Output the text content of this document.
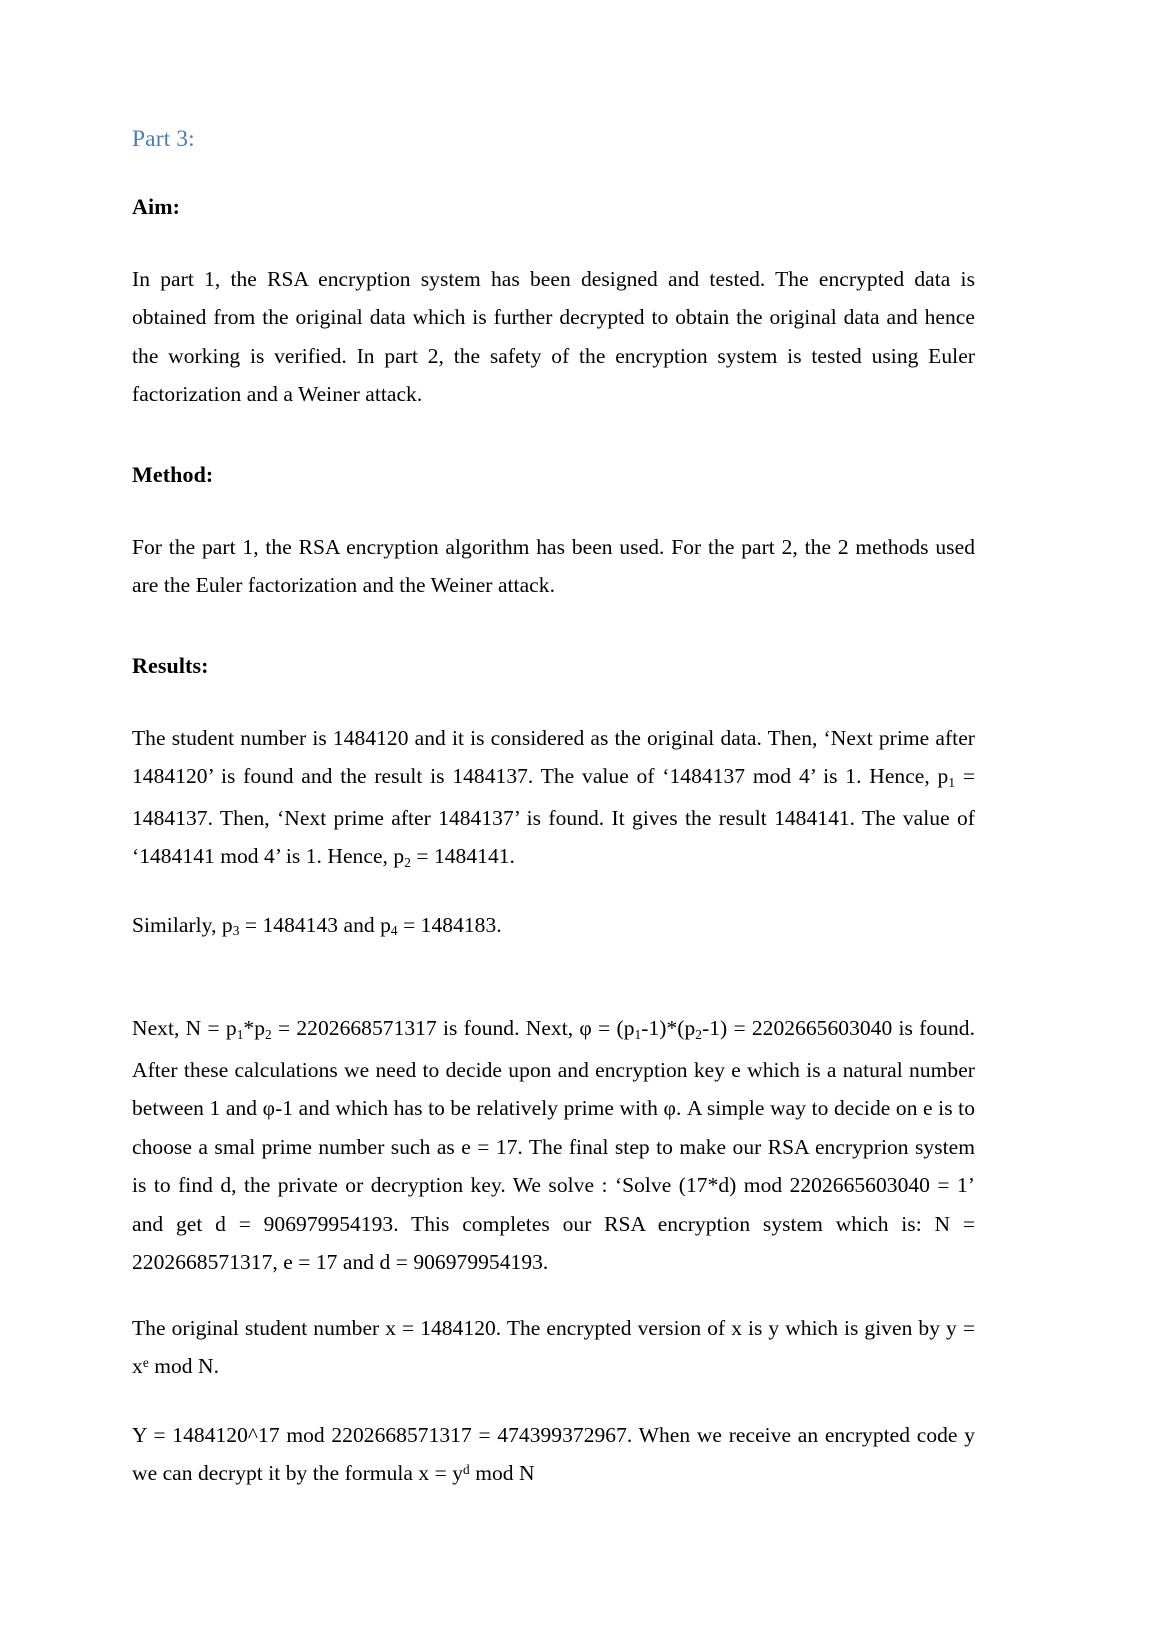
Part 3:
Aim:

In part 1, the RSA encryption system has been designed and tested. The encrypted data is obtained from the original data which is further decrypted to obtain the original data and hence the working is verified. In part 2, the safety of the encryption system is tested using Euler factorization and a Weiner attack.

Method:

For the part 1, the RSA encryption algorithm has been used. For the part 2, the 2 methods used are the Euler factorization and the Weiner attack.

Results:

The student number is 1484120 and it is considered as the original data. Then, ‘Next prime after 1484120’ is found and the result is 1484137. The value of ‘1484137 mod 4’ is 1. Hence, $p_1 = 1484137$. Then, ‘Next prime after 1484137’ is found. It gives the result 1484141. The value of ‘1484141 mod 4’ is 1. Hence, $p_2 = 1484141$.

Similarly, $p_3 = 1484143$ and $p_4 = 1484183$.

Next, $N = p_1*p_2 = 2202668571317$ is found. Next, $\varphi = (p_1-1)*(p_2-1) = 2202665603040$ is found. After these calculations we need to decide upon and encryption key e which is a natural number between 1 and φ-1 and which has to be relatively prime with φ. A simple way to decide on e is to choose a smal prime number such as e = 17. The final step to make our RSA encryprion system is to find d, the private or decryption key. We solve : ‘Solve (17*d) mod 2202665603040 = 1’ and get d = 906979954193. This completes our RSA encryption system which is: N = 2202668571317, e = 17 and d = 906979954193.

The original student number x = 1484120. The encrypted version of x is y which is given by $y = x^e$ mod N.

Y = 1484120^17 mod 2202668571317 = 474399372967. When we receive an encrypted code y we can decrypt it by the formula $x = y^d$ mod N
